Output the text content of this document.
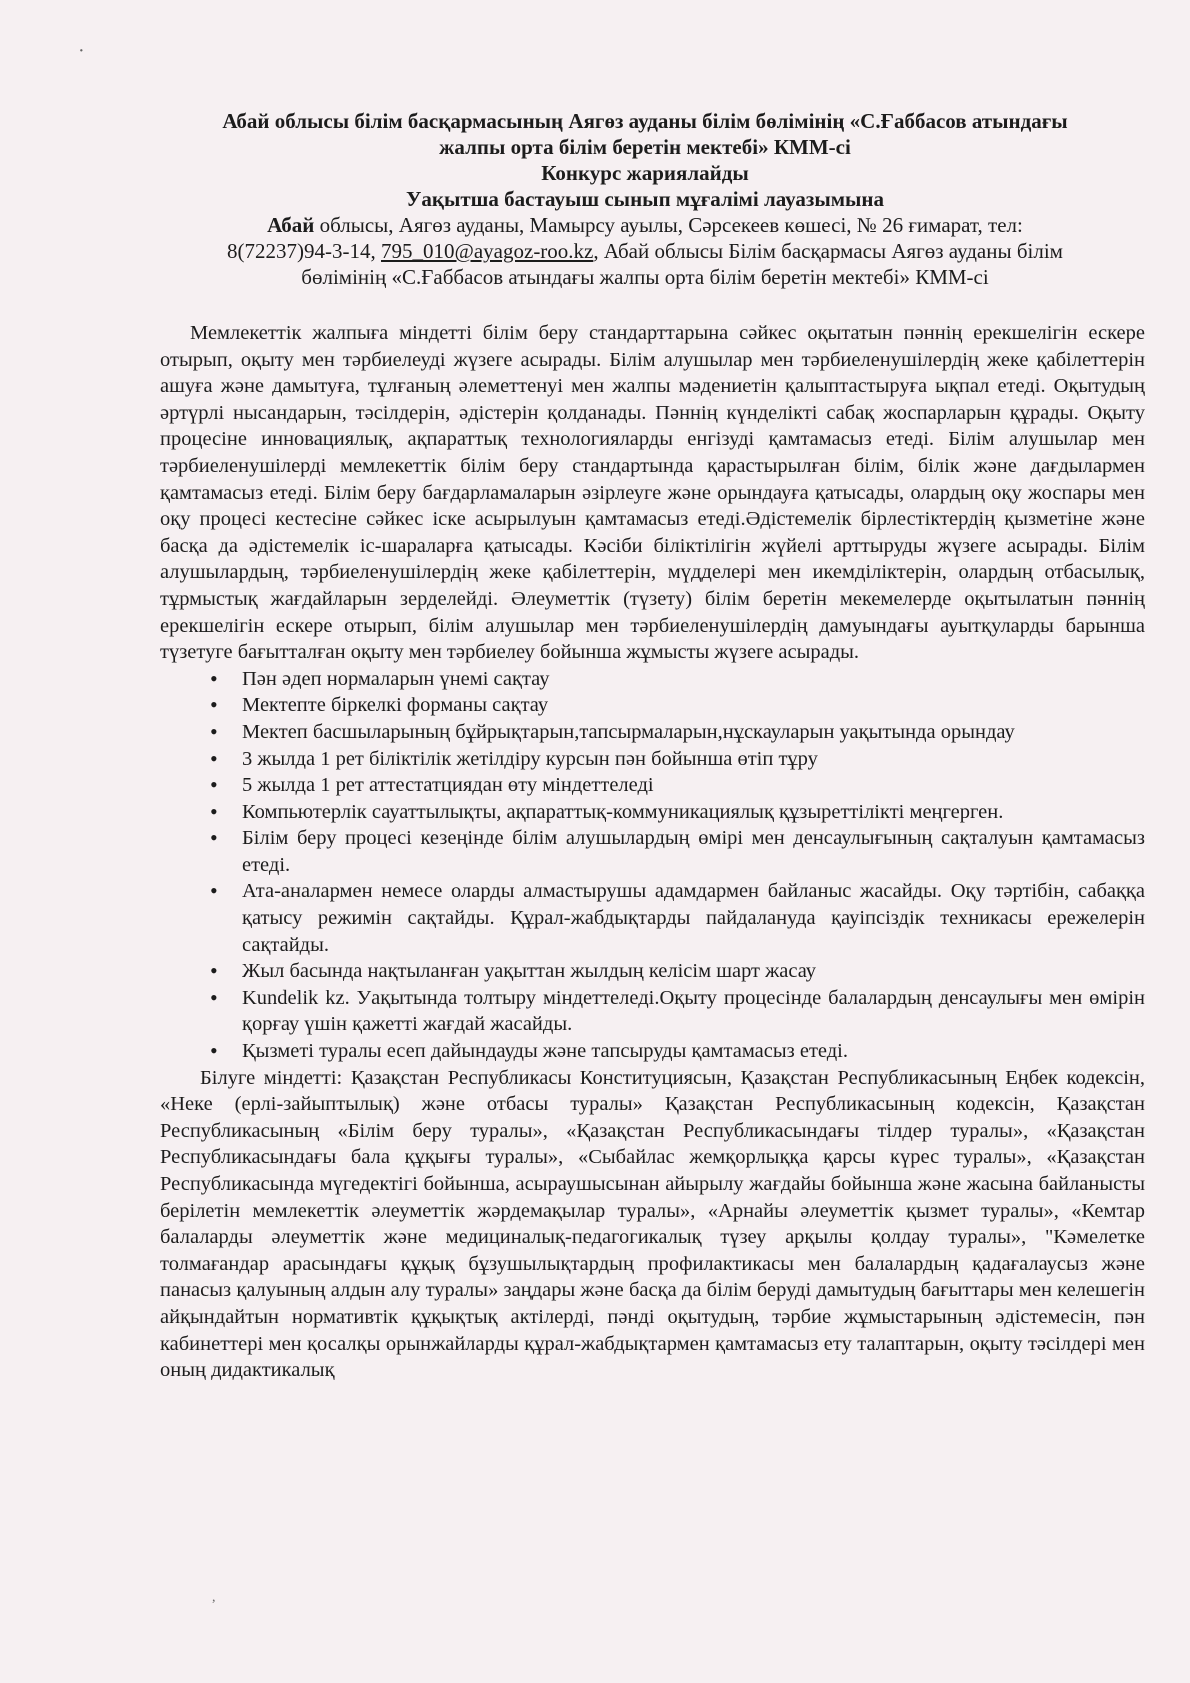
·
Абай облысы білім басқармасының Аягөз ауданы білім бөлімінің «С.Ғаббасов атындағы
жалпы орта білім беретін мектебі» КММ-сі
Конкурс жариялайды
Уақытша бастауыш сынып мұғалімі лауазымына
Абай облысы, Аягөз ауданы, Мамырсу ауылы, Сәрсекеев көшесі, № 26 ғимарат, тел:
8(72237)94-3-14, 795_010@ayagoz-roo.kz, Абай облысы Білім басқармасы Аягөз ауданы білім
бөлімінің «С.Ғаббасов атындағы жалпы орта білім беретін мектебі» КММ-сі

Мемлекеттік жалпыға міндетті білім беру стандарттарына сәйкес оқытатын пәннің ерекшелігін ескере отырып, оқыту мен тәрбиелеуді жүзеге асырады. Білім алушылар мен тәрбиеленушілердің жеке қабілеттерін ашуға және дамытуға, тұлғаның әлеметтенуі мен жалпы мәдениетін қалыптастыруға ықпал етеді. Оқытудың әртүрлі нысандарын, тәсілдерін, әдістерін қолданады. Пәннің күнделікті сабақ жоспарларын құрады. Оқыту процесіне инновациялық, ақпараттық технологияларды енгізуді қамтамасыз етеді. Білім алушылар мен тәрбиеленушілерді мемлекеттік білім беру стандартында қарастырылған білім, білік және дағдылармен қамтамасыз етеді. Білім беру бағдарламаларын әзірлеуге және орындауға қатысады, олардың оқу жоспары мен оқу процесі кестесіне сәйкес іске асырылуын қамтамасыз етеді.Әдістемелік бірлестіктердің қызметіне және басқа да әдістемелік іс-шараларға қатысады. Кәсіби біліктілігін жүйелі арттыруды жүзеге асырады. Білім алушылардың, тәрбиеленушілердің жеке қабілеттерін, мүдделері мен икемділіктерін, олардың отбасылық, тұрмыстық жағдайларын зерделейді. Әлеуметтік (түзету) білім беретін мекемелерде оқытылатын пәннің ерекшелігін ескере отырып, білім алушылар мен тәрбиеленушілердің дамуындағы ауытқуларды барынша түзетуге бағытталған оқыту мен тәрбиелеу бойынша жұмысты жүзеге асырады.

• Пән әдеп нормаларын үнемі сақтау
• Мектепте біркелкі форманы сақтау
• Мектеп басшыларының бұйрықтарын,тапсырмаларын,нұскауларын уақытында орындау
• 3 жылда 1 рет біліктілік жетілдіру курсын пән бойынша өтіп тұру
• 5 жылда 1 рет аттестатциядан өту міндеттеледі
• Компьютерлік сауаттылықты, ақпараттық-коммуникациялық құзыреттілікті меңгерген.
• Білім беру процесі кезеңінде білім алушылардың өмірі мен денсаулығының сақталуын қамтамасыз етеді.
• Ата-аналармен немесе оларды алмастырушы адамдармен байланыс жасайды. Оқу тәртібін, сабаққа қатысу режимін сақтайды. Құрал-жабдықтарды пайдалануда қауіпсіздік техникасы ережелерін сақтайды.
• Жыл басында нақтыланған уақыттан жылдың келісім шарт жасау
• Kundelik kz. Уақытында толтыру міндеттеледі.Оқыту процесінде балалардың денсаулығы мен өмірін қорғау үшін қажетті жағдай жасайды.
• Қызметі туралы есеп дайындауды және тапсыруды қамтамасыз етеді.

Білуге міндетті: Қазақстан Республикасы Конституциясын, Қазақстан Республикасының Еңбек кодексін, «Неке (ерлі-зайыптылық) және отбасы туралы» Қазақстан Республикасының кодексін, Қазақстан Республикасының «Білім беру туралы», «Қазақстан Республикасындағы тілдер туралы», «Қазақстан Республикасындағы бала құқығы туралы», «Сыбайлас жемқорлыққа қарсы күрес туралы», «Қазақстан Республикасында мүгедектігі бойынша, асыраушысынан айырылу жағдайы бойынша және жасына байланысты берілетін мемлекеттік әлеуметтік жәрдемақылар туралы», «Арнайы әлеуметтік қызмет туралы», «Кемтар балаларды әлеуметтік және медициналық-педагогикалық түзеу арқылы қолдау туралы», "Кәмелетке толмағандар арасындағы құқық бұзушылықтардың профилактикасы мен балалардың қадағалаусыз және панасыз қалуының алдын алу туралы» заңдары және басқа да білім беруді дамытудың бағыттары мен келешегін айқындайтын нормативтік құқықтық актілерді, пәнді оқытудың, тәрбие жұмыстарының әдістемесін, пән кабинеттері мен қосалқы орынжайларды құрал-жабдықтармен қамтамасыз ету талаптарын, оқыту тәсілдері мен оның дидактикалық

,
